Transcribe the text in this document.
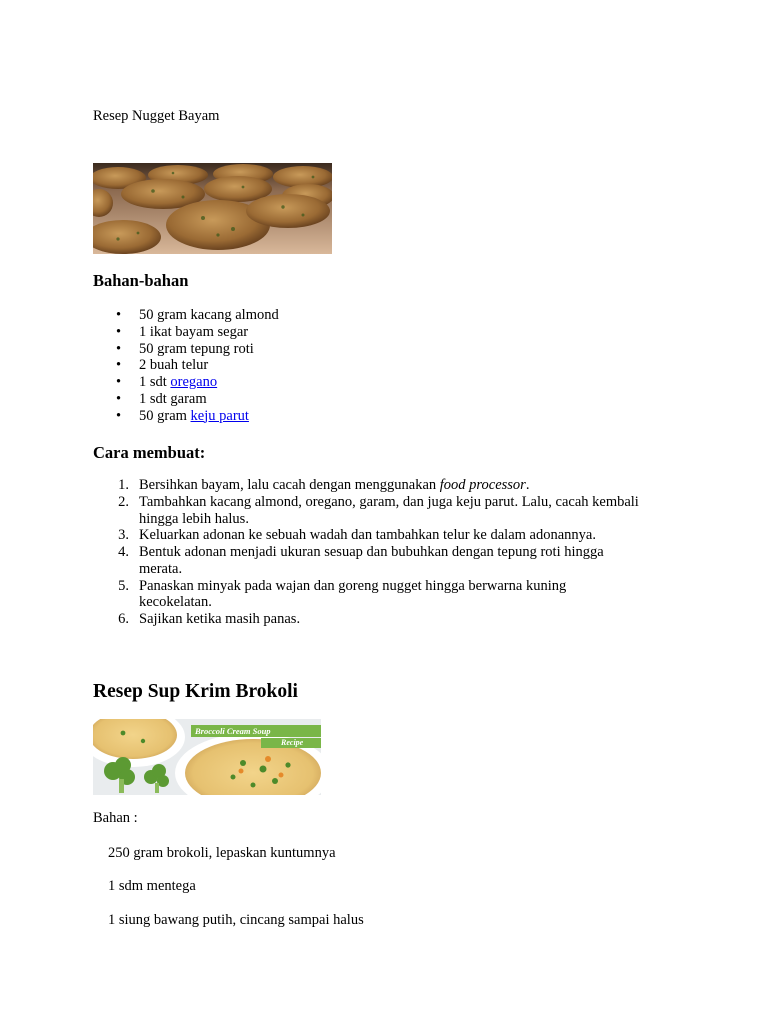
Resep Nugget Bayam

Bahan-bahan

• 50 gram kacang almond
• 1 ikat bayam segar
• 50 gram tepung roti
• 2 buah telur
• 1 sdt oregano
• 1 sdt garam
• 50 gram keju parut

Cara membuat:

1. Bersihkan bayam, lalu cacah dengan menggunakan food processor.
2. Tambahkan kacang almond, oregano, garam, dan juga keju parut. Lalu, cacah kembali
hingga lebih halus.
3. Keluarkan adonan ke sebuah wadah dan tambahkan telur ke dalam adonannya.
4. Bentuk adonan menjadi ukuran sesuap dan bubuhkan dengan tepung roti hingga
merata.
5. Panaskan minyak pada wajan dan goreng nugget hingga berwarna kuning
kecokelatan.
6. Sajikan ketika masih panas.

Resep Sup Krim Brokoli

Broccoli Cream Soup
Recipe

Bahan :

250 gram brokoli, lepaskan kuntumnya

1 sdm mentega

1 siung bawang putih, cincang sampai halus
